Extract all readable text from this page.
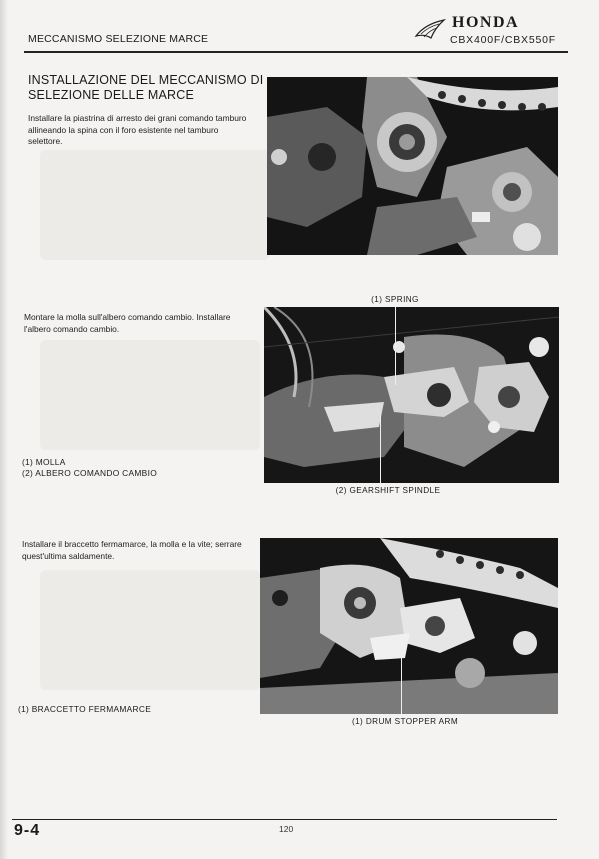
MECCANISMO SELEZIONE MARCE
HONDA
CBX400F/CBX550F
INSTALLAZIONE DEL MECCANISMO DI SELEZIONE DELLE MARCE
Installare la piastrina di arresto dei grani comando tamburo allineando la spina con il foro esistente nel tamburo selettore.
Montare la molla sull'albero comando cambio. Installare l'albero comando cambio.
(1) MOLLA
(2) ALBERO COMANDO CAMBIO
(1) SPRING
(2) GEARSHIFT SPINDLE
Installare il braccetto fermamarce, la molla e la vite; serrare quest'ultima saldamente.
(1) BRACCETTO FERMAMARCE
(1) DRUM STOPPER ARM
9-4	120
